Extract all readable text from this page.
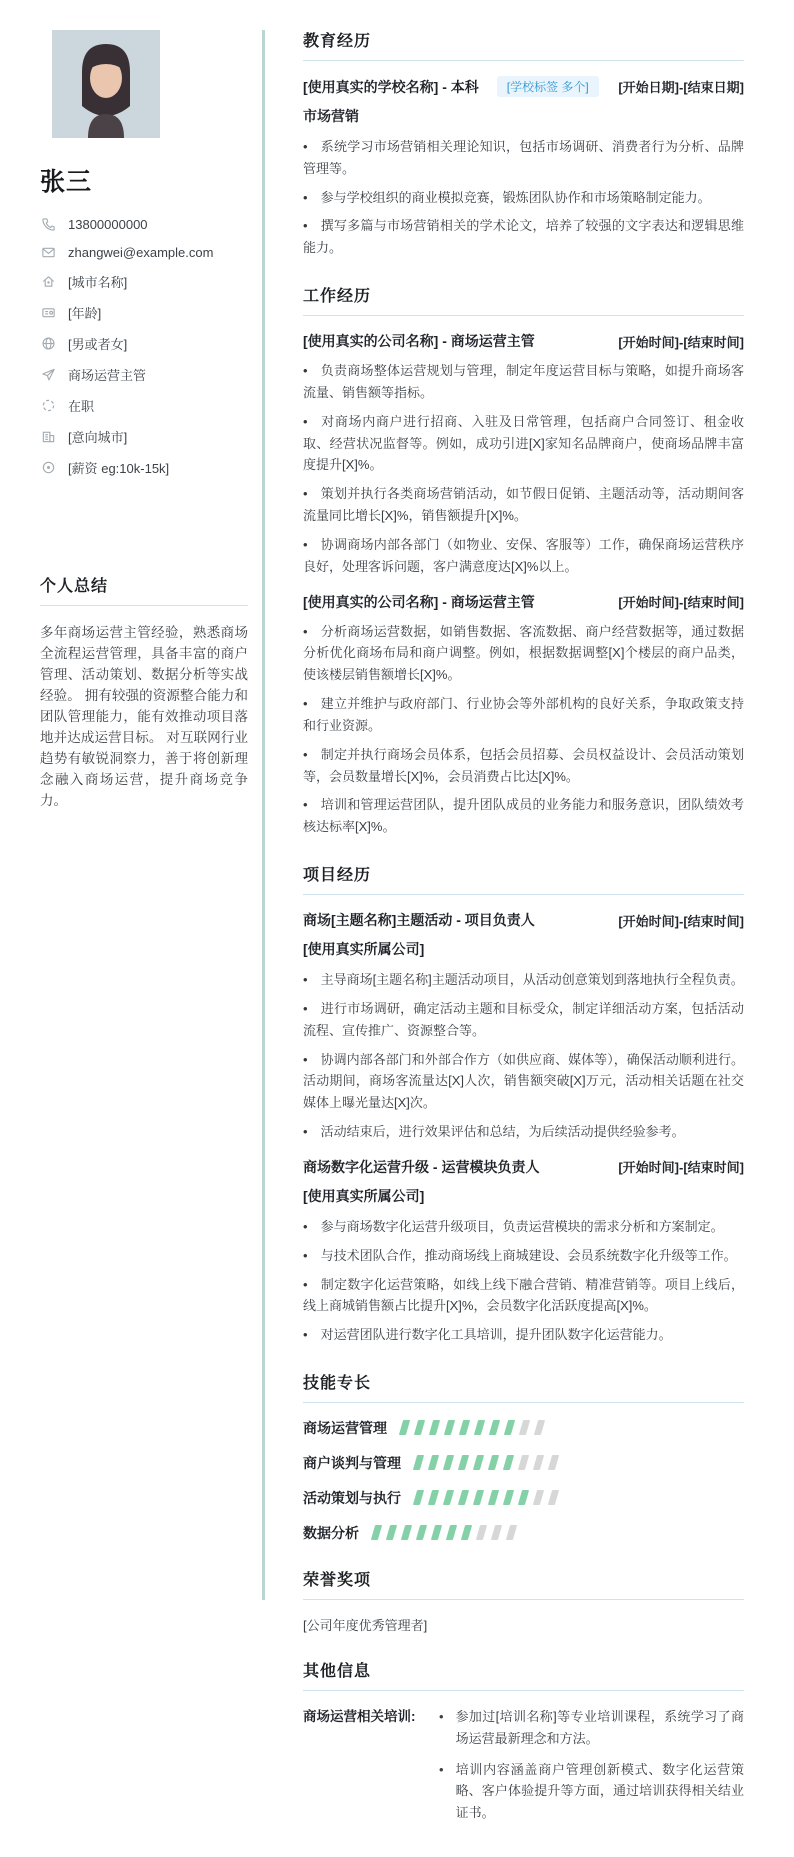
张三
13800000000
zhangwei@example.com
[城市名称]
[年龄]
[男或者女]
商场运营主管
在职
[意向城市]
[薪资 eg:10k-15k]
个人总结
多年商场运营主管经验，熟悉商场全流程运营管理，具备丰富的商户管理、活动策划、数据分析等实战经验。 拥有较强的资源整合能力和团队管理能力，能有效推动项目落地并达成运营目标。 对互联网行业趋势有敏锐洞察力，善于将创新理念融入商场运营，提升商场竞争力。
教育经历
[使用真实的学校名称] - 本科	[学校标签 多个]	[开始日期]-[结束日期]
市场营销
• 系统学习市场营销相关理论知识，包括市场调研、消费者行为分析、品牌管理等。
• 参与学校组织的商业模拟竞赛，锻炼团队协作和市场策略制定能力。
• 撰写多篇与市场营销相关的学术论文，培养了较强的文字表达和逻辑思维能力。
工作经历
[使用真实的公司名称] - 商场运营主管	[开始时间]-[结束时间]
• 负责商场整体运营规划与管理，制定年度运营目标与策略，如提升商场客流量、销售额等指标。
• 对商场内商户进行招商、入驻及日常管理，包括商户合同签订、租金收取、经营状况监督等。例如，成功引进[X]家知名品牌商户，使商场品牌丰富度提升[X]%。
• 策划并执行各类商场营销活动，如节假日促销、主题活动等，活动期间客流量同比增长[X]%，销售额提升[X]%。
• 协调商场内部各部门（如物业、安保、客服等）工作，确保商场运营秩序良好，处理客诉问题，客户满意度达[X]%以上。
[使用真实的公司名称] - 商场运营主管	[开始时间]-[结束时间]
• 分析商场运营数据，如销售数据、客流数据、商户经营数据等，通过数据分析优化商场布局和商户调整。例如，根据数据调整[X]个楼层的商户品类，使该楼层销售额增长[X]%。
• 建立并维护与政府部门、行业协会等外部机构的良好关系，争取政策支持和行业资源。
• 制定并执行商场会员体系，包括会员招募、会员权益设计、会员活动策划等，会员数量增长[X]%，会员消费占比达[X]%。
• 培训和管理运营团队，提升团队成员的业务能力和服务意识，团队绩效考核达标率[X]%。
项目经历
商场[主题名称]主题活动 - 项目负责人	[开始时间]-[结束时间]
[使用真实所属公司]
• 主导商场[主题名称]主题活动项目，从活动创意策划到落地执行全程负责。
• 进行市场调研，确定活动主题和目标受众，制定详细活动方案，包括活动流程、宣传推广、资源整合等。
• 协调内部各部门和外部合作方（如供应商、媒体等），确保活动顺利进行。活动期间，商场客流量达[X]人次，销售额突破[X]万元，活动相关话题在社交媒体上曝光量达[X]次。
• 活动结束后，进行效果评估和总结，为后续活动提供经验参考。
商场数字化运营升级 - 运营模块负责人	[开始时间]-[结束时间]
[使用真实所属公司]
• 参与商场数字化运营升级项目，负责运营模块的需求分析和方案制定。
• 与技术团队合作，推动商场线上商城建设、会员系统数字化升级等工作。
• 制定数字化运营策略，如线上线下融合营销、精准营销等。项目上线后，线上商城销售额占比提升[X]%，会员数字化活跃度提高[X]%。
• 对运营团队进行数字化工具培训，提升团队数字化运营能力。
技能专长
商场运营管理
商户谈判与管理
活动策划与执行
数据分析
荣誉奖项
[公司年度优秀管理者]
其他信息
商场运营相关培训:	• 参加过[培训名称]等专业培训课程，系统学习了商场运营最新理念和方法。
• 培训内容涵盖商户管理创新模式、数字化运营策略、客户体验提升等方面，通过培训获得相关结业证书。
